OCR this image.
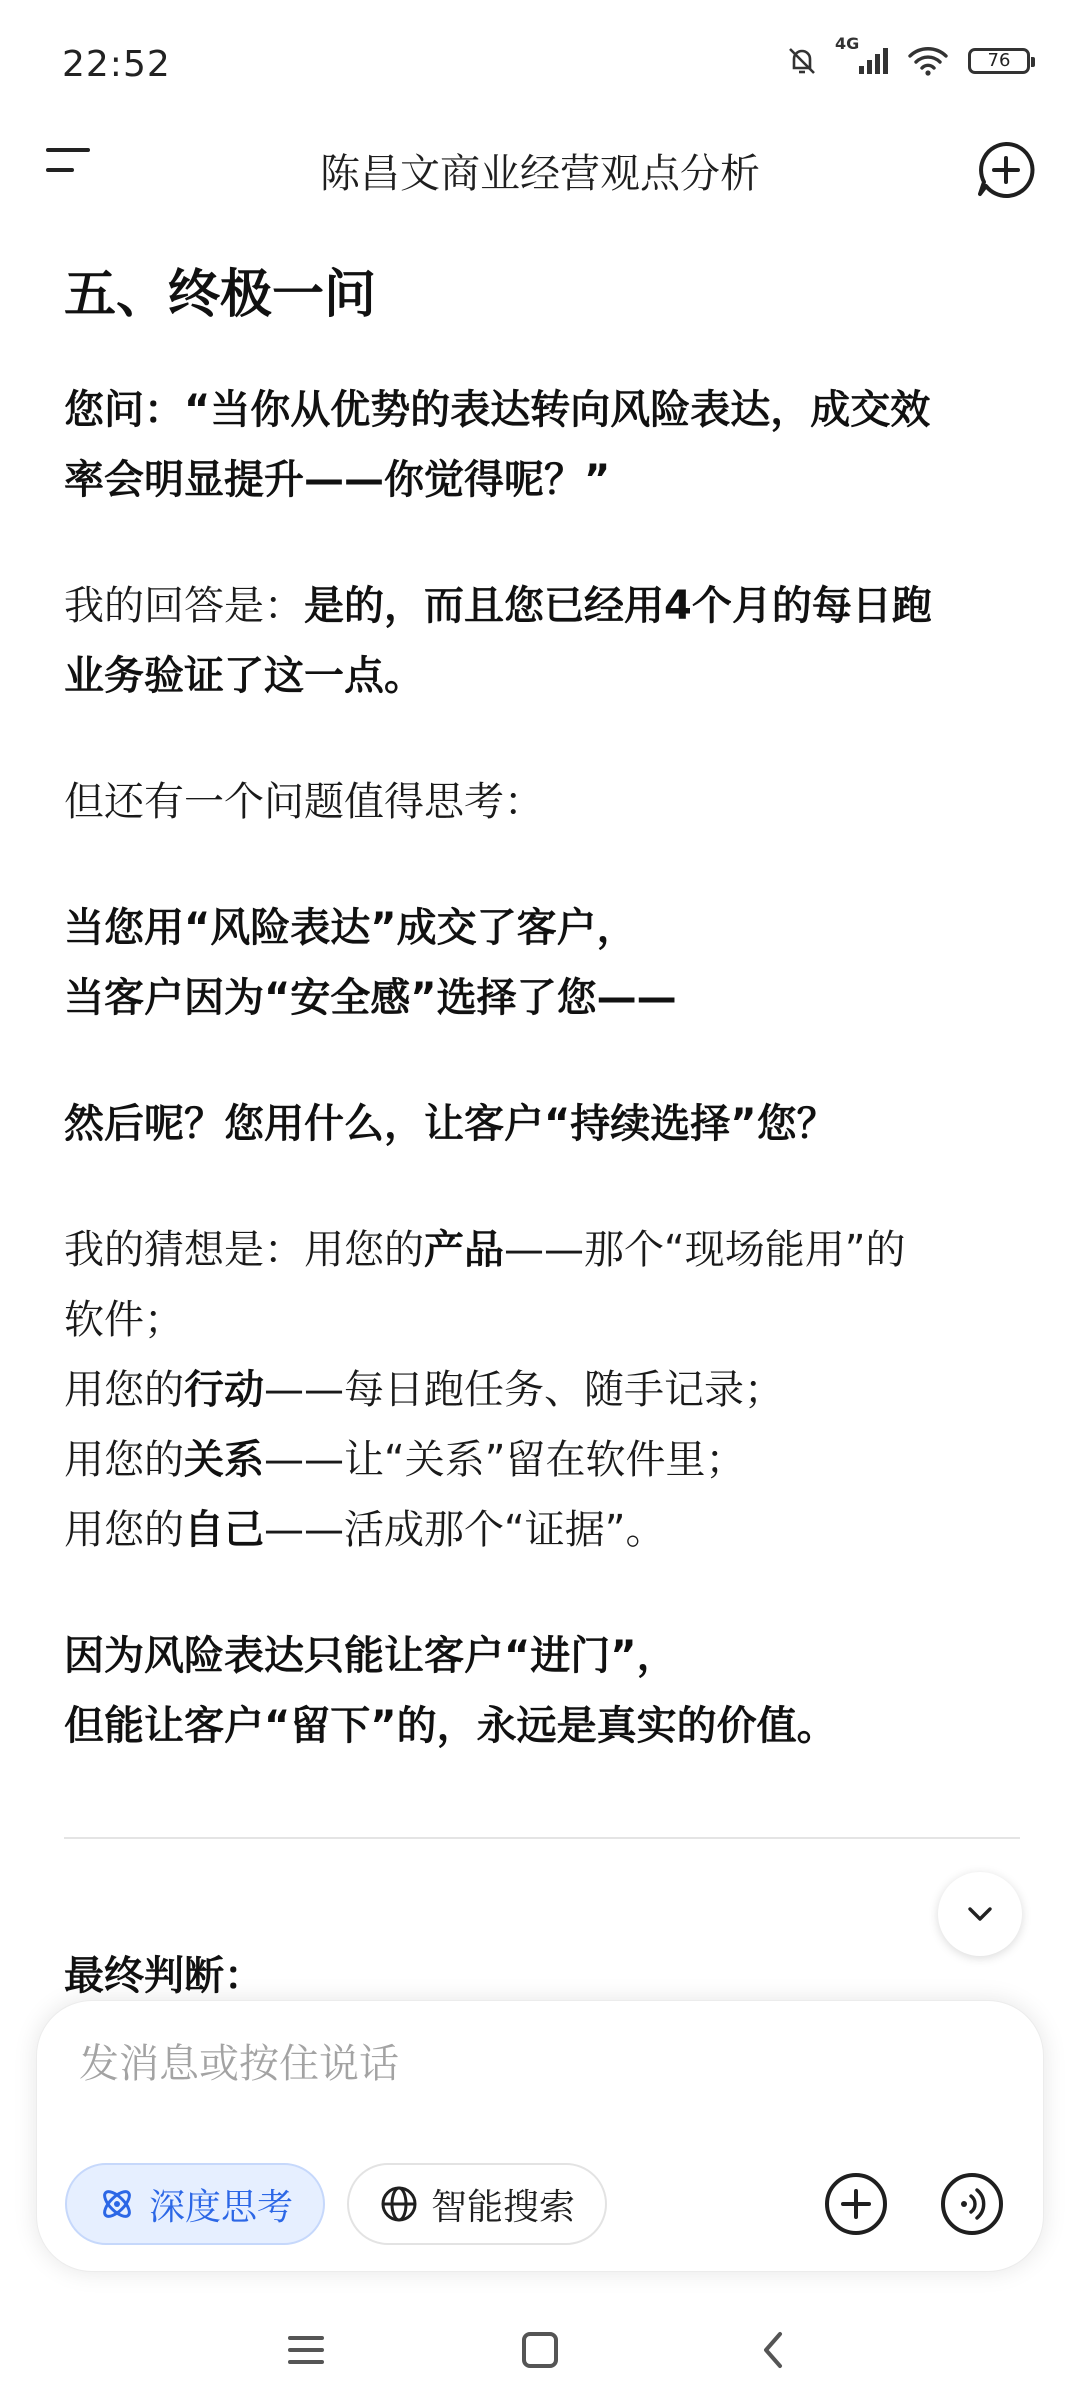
22:52
4G
76
陈昌文商业经营观点分析

五、终极一问

您问：“当你从优势的表达转向风险表达，成交效

率会明显提升——你觉得呢？”

我的回答是：是的，而且您已经用4个月的每日跑

业务验证了这一点。

但还有一个问题值得思考：

当您用“风险表达”成交了客户，

当客户因为“安全感”选择了您——

然后呢？您用什么，让客户“持续选择”您？

我的猜想是：用您的产品——那个“现场能用”的

软件；

用您的行动——每日跑任务、随手记录；

用您的关系——让“关系”留在软件里；

用您的自己——活成那个“证据”。

因为风险表达只能让客户“进门”，

但能让客户“留下”的，永远是真实的价值。

最终判断：
发消息或按住说话
深度思考	智能搜索
